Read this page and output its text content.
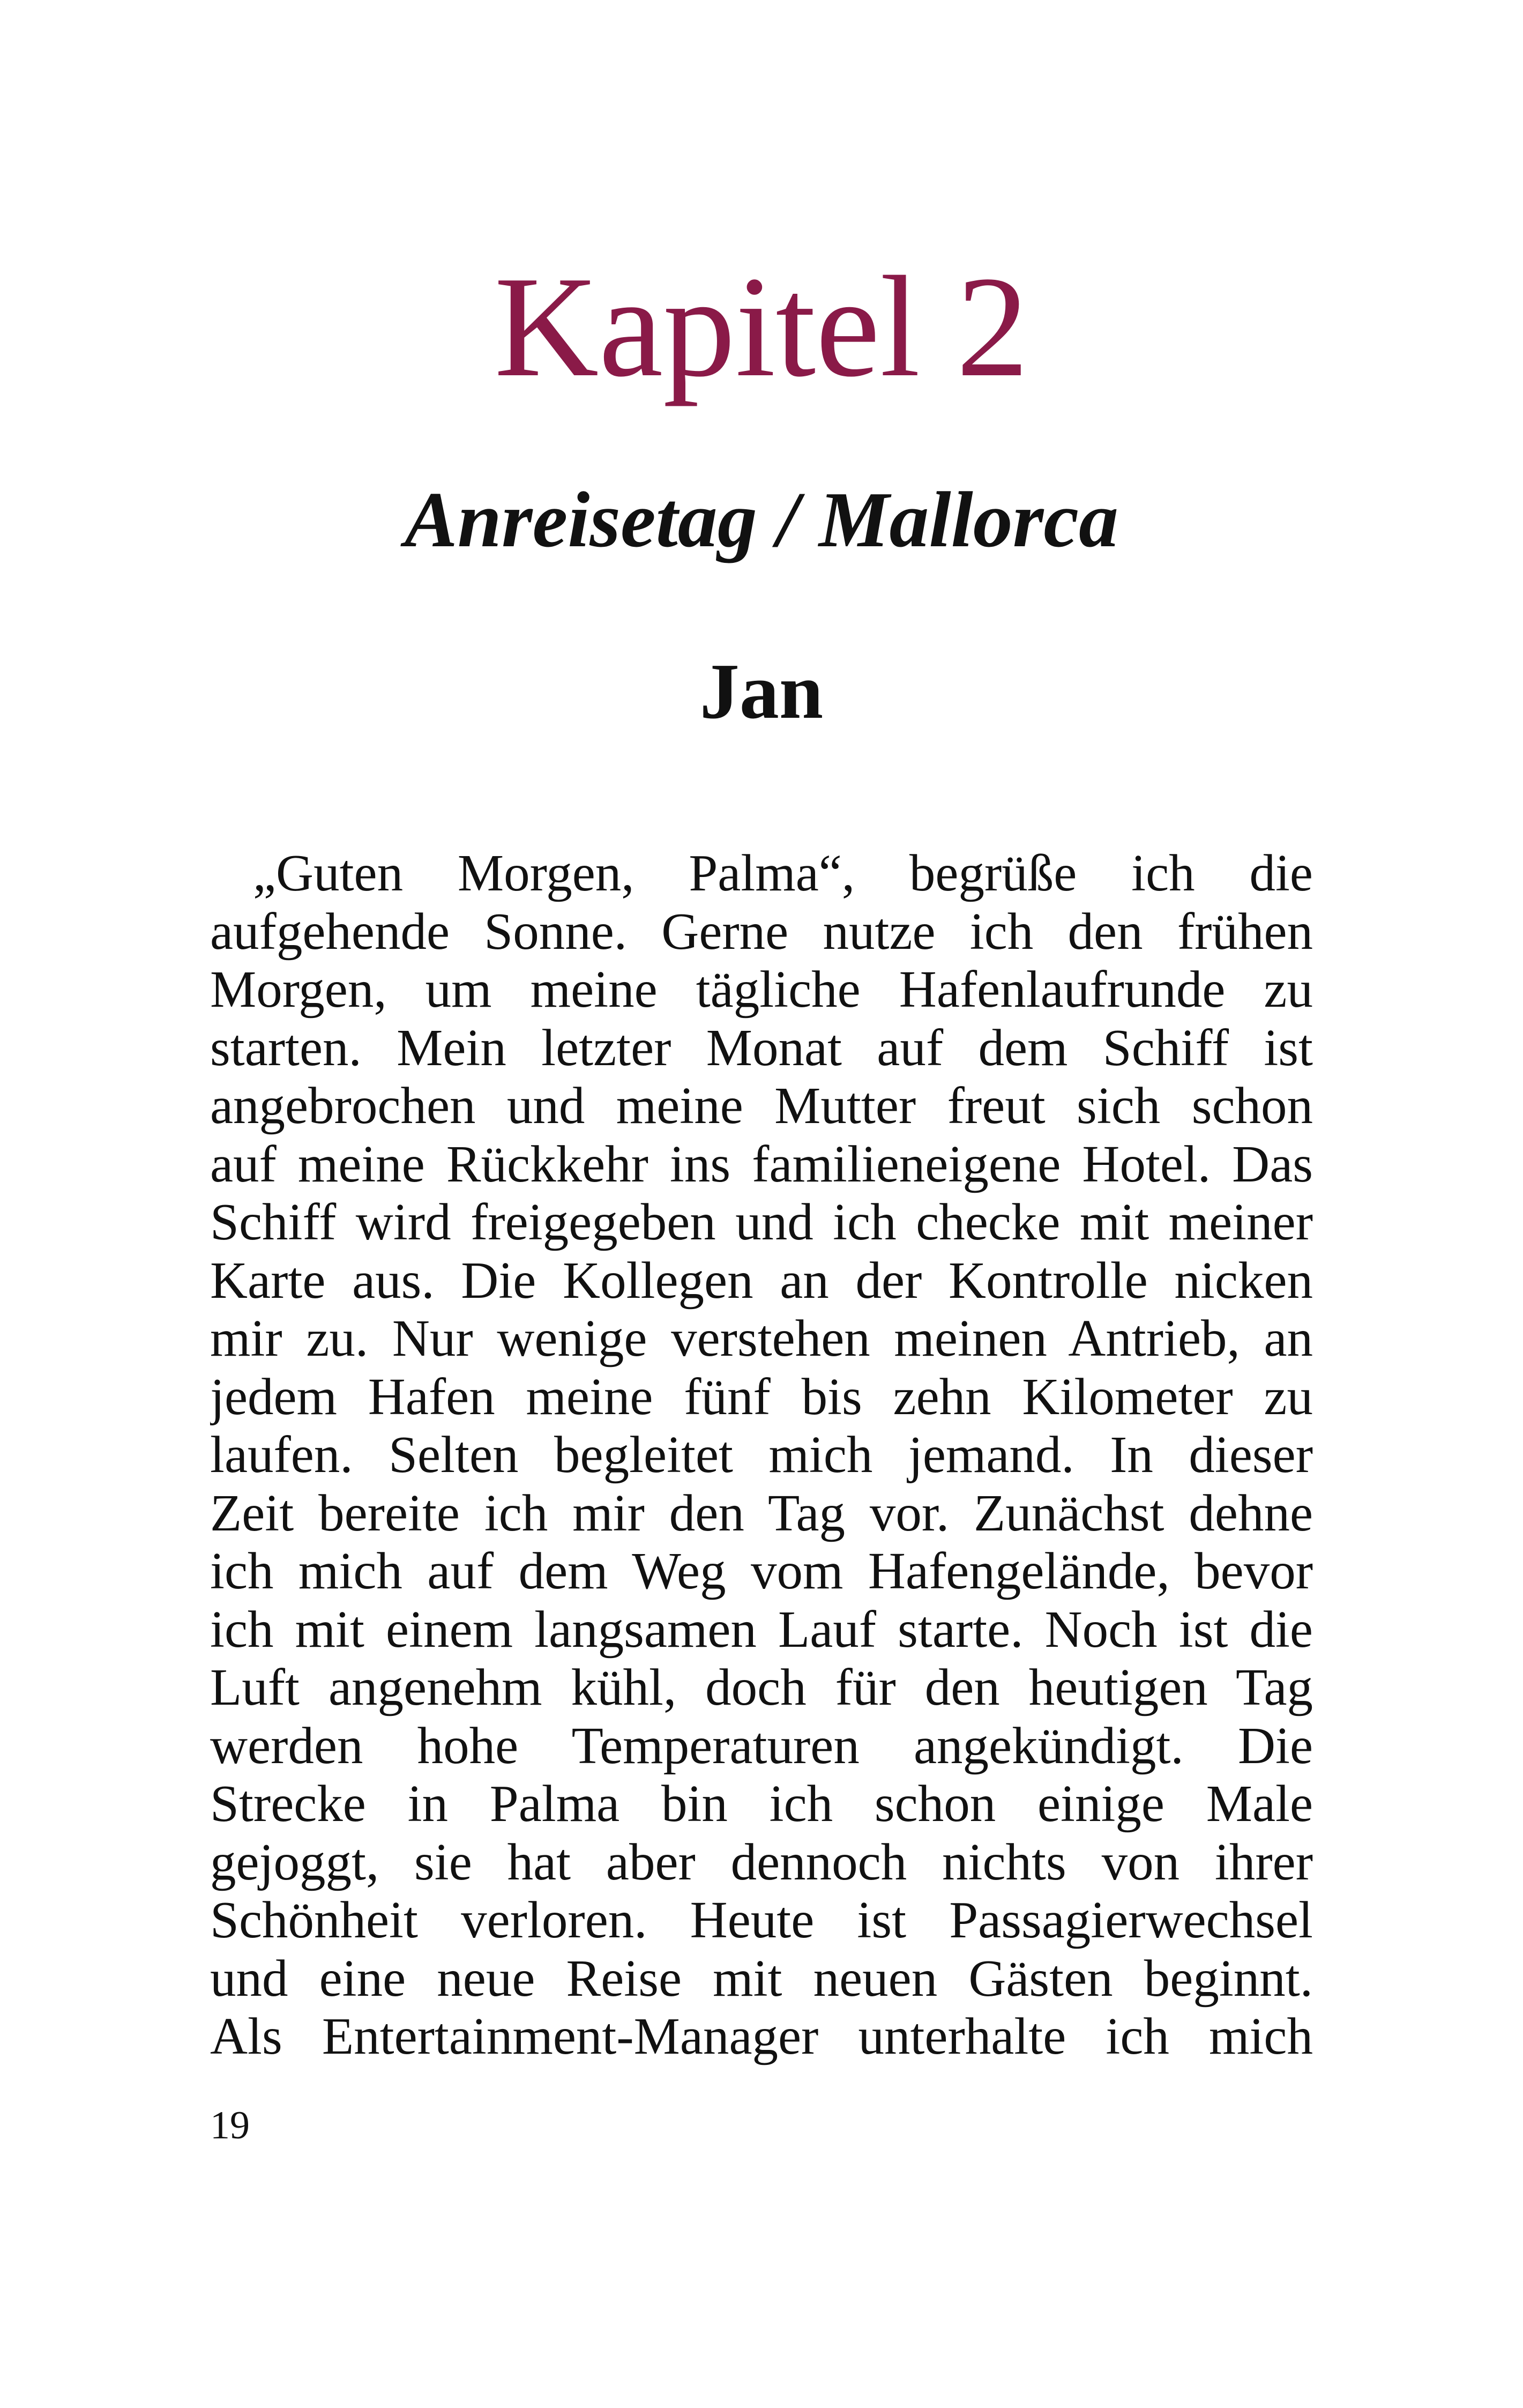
Kapitel 2
Anreisetag / Mallorca
Jan
„Guten Morgen, Palma“, begrüße ich die
aufgehende Sonne. Gerne nutze ich den frühen
Morgen, um meine tägliche Hafenlaufrunde zu
starten. Mein letzter Monat auf dem Schiff ist
angebrochen und meine Mutter freut sich schon
auf meine Rückkehr ins familieneigene Hotel. Das
Schiff wird freigegeben und ich checke mit meiner
Karte aus. Die Kollegen an der Kontrolle nicken
mir zu. Nur wenige verstehen meinen Antrieb, an
jedem Hafen meine fünf bis zehn Kilometer zu
laufen. Selten begleitet mich jemand. In dieser
Zeit bereite ich mir den Tag vor. Zunächst dehne
ich mich auf dem Weg vom Hafengelände, bevor
ich mit einem langsamen Lauf starte. Noch ist die
Luft angenehm kühl, doch für den heutigen Tag
werden hohe Temperaturen angekündigt. Die
Strecke in Palma bin ich schon einige Male
gejoggt, sie hat aber dennoch nichts von ihrer
Schönheit verloren. Heute ist Passagierwechsel
und eine neue Reise mit neuen Gästen beginnt.
Als Entertainment-Manager unterhalte ich mich
19
